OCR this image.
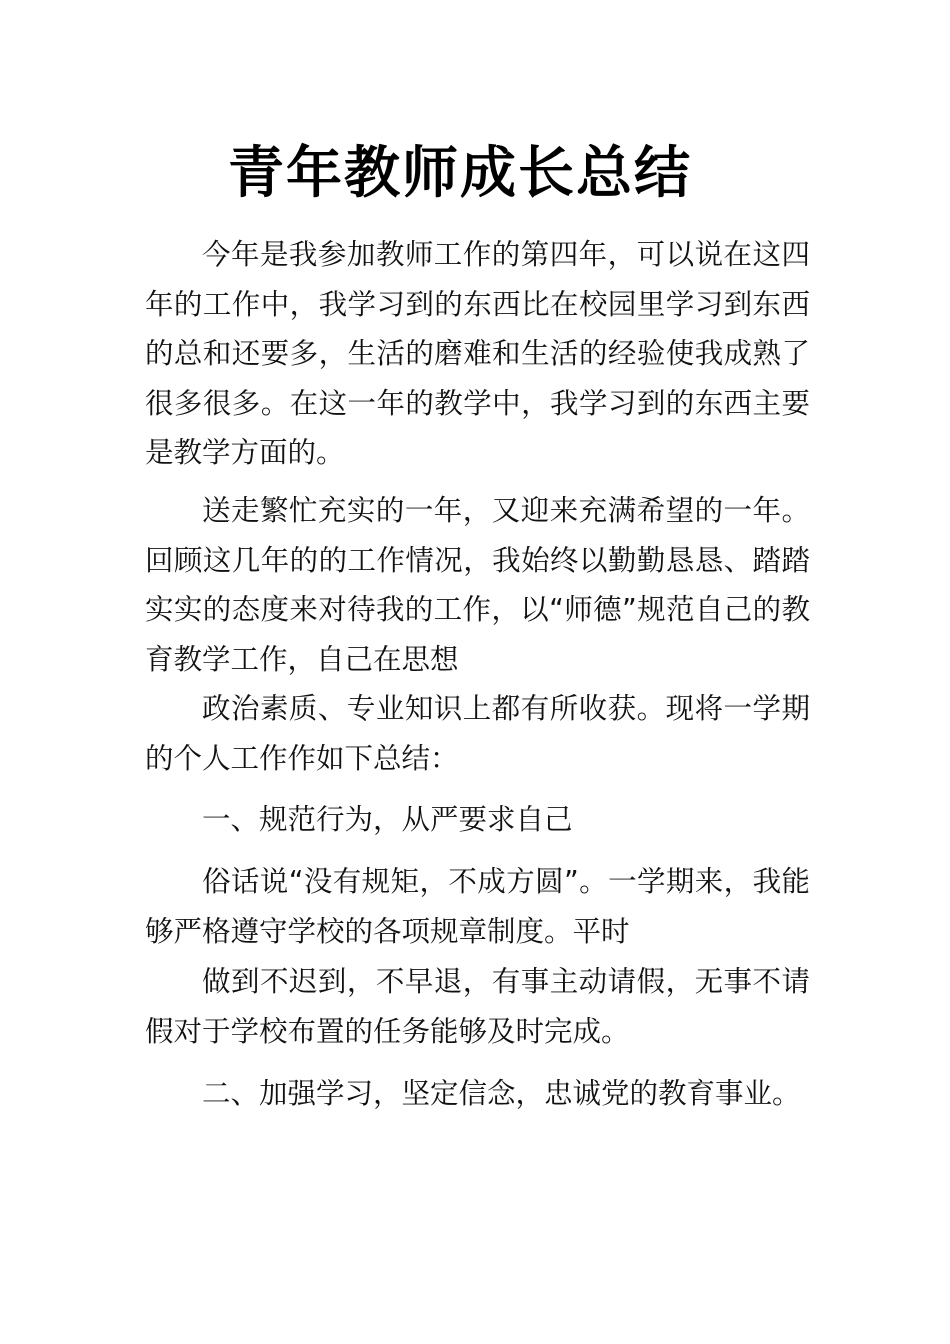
青年教师成长总结

今年是我参加教师工作的第四年，可以说在这四年的工作中，我学习到的东西比在校园里学习到东西的总和还要多，生活的磨难和生活的经验使我成熟了很多很多。在这一年的教学中，我学习到的东西主要是教学方面的。

送走繁忙充实的一年，又迎来充满希望的一年。回顾这几年的的工作情况，我始终以勤勤恳恳、踏踏实实的态度来对待我的工作，以“师德”规范自己的教育教学工作，自己在思想

政治素质、专业知识上都有所收获。现将一学期的个人工作作如下总结：

一、规范行为，从严要求自己

俗话说“没有规矩，不成方圆”。一学期来，我能够严格遵守学校的各项规章制度。平时

做到不迟到，不早退，有事主动请假，无事不请假对于学校布置的任务能够及时完成。

二、加强学习，坚定信念，忠诚党的教育事业。
